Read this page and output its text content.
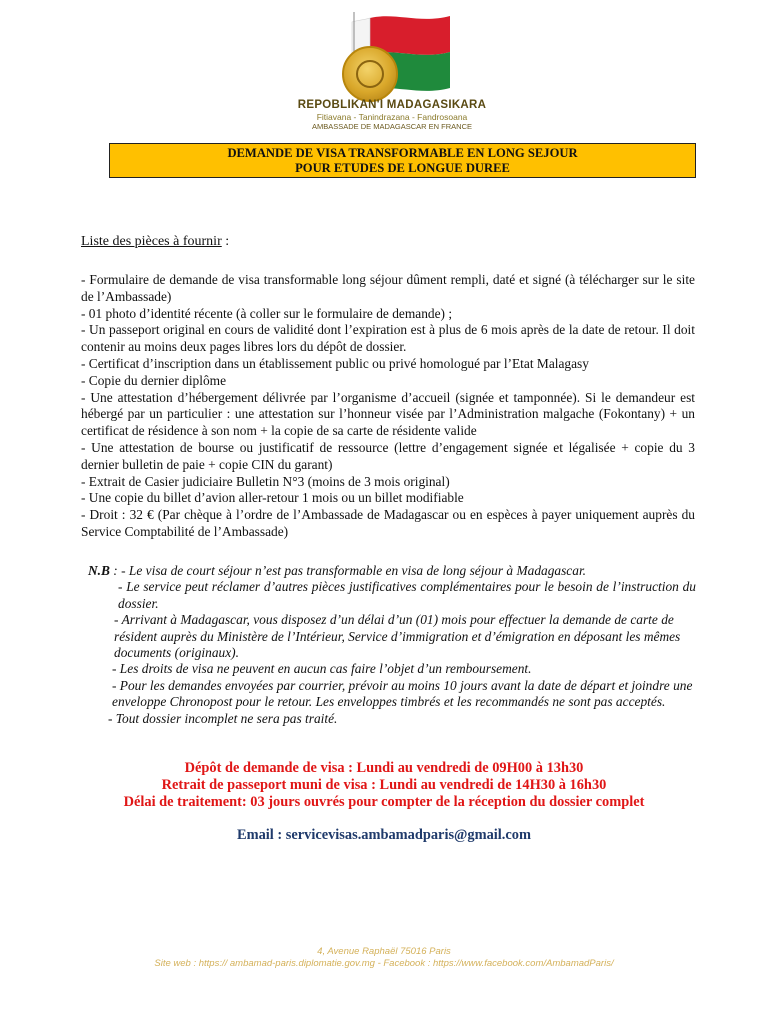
REPOBLIKAN'I MADAGASIKARA
Fitiavana - Tanindrazana - Fandrosoana
AMBASSADE DE MADAGASCAR EN FRANCE
DEMANDE DE VISA TRANSFORMABLE EN LONG SEJOUR
POUR ETUDES DE LONGUE DUREE
Liste des pièces à fournir :
- Formulaire de demande de visa transformable long séjour dûment rempli, daté et signé (à télécharger sur le site de l’Ambassade)
- 01 photo d’identité récente (à coller sur le formulaire de demande) ;
- Un passeport original en cours de validité dont l’expiration est à plus de 6 mois après de la date de retour. Il doit contenir au moins deux pages libres lors du dépôt de dossier.
- Certificat d’inscription dans un établissement public ou privé homologué par l’Etat Malagasy
- Copie du dernier diplôme
- Une attestation d’hébergement délivrée par l’organisme d’accueil (signée et tamponnée). Si le demandeur est hébergé par un particulier : une attestation sur l’honneur visée par l’Administration malgache (Fokontany) + un certificat de résidence à son nom + la copie de sa carte de résidente valide
- Une attestation de bourse ou justificatif de ressource (lettre d’engagement signée et légalisée + copie du 3 dernier bulletin de paie + copie CIN du garant)
- Extrait de Casier judiciaire Bulletin N°3 (moins de 3 mois original)
- Une copie du billet d’avion aller-retour 1 mois ou un billet modifiable
- Droit : 32 € (Par chèque à l’ordre de l’Ambassade de Madagascar ou en espèces à payer uniquement auprès du Service Comptabilité de l’Ambassade)
N.B : - Le visa de court séjour n’est pas transformable en visa de long séjour à Madagascar.
- Le service peut réclamer d’autres pièces justificatives complémentaires pour le besoin de l’instruction du dossier.
- Arrivant à Madagascar, vous disposez d’un délai d’un (01) mois pour effectuer la demande de carte de résident auprès du Ministère de l’Intérieur, Service d’immigration et d’émigration en déposant les mêmes documents (originaux).
- Les droits de visa ne peuvent en aucun cas faire l’objet d’un remboursement.
- Pour les demandes envoyées par courrier, prévoir au moins 10 jours avant la date de départ et joindre une enveloppe Chronopost pour le retour. Les enveloppes timbrés et les recommandés ne sont pas acceptés.
- Tout dossier incomplet ne sera pas traité.
Dépôt de demande de visa : Lundi au vendredi de 09H00 à 13h30
Retrait de passeport muni de visa : Lundi au vendredi de 14H30 à 16h30
Délai de traitement: 03 jours ouvrés pour compter de la réception du dossier complet
Email : servicevisas.ambamadparis@gmail.com
4, Avenue Raphaël 75016 Paris
Site web : https:// ambamad-paris.diplomatie.gov.mg - Facebook : https://www.facebook.com/AmbamadParis/
